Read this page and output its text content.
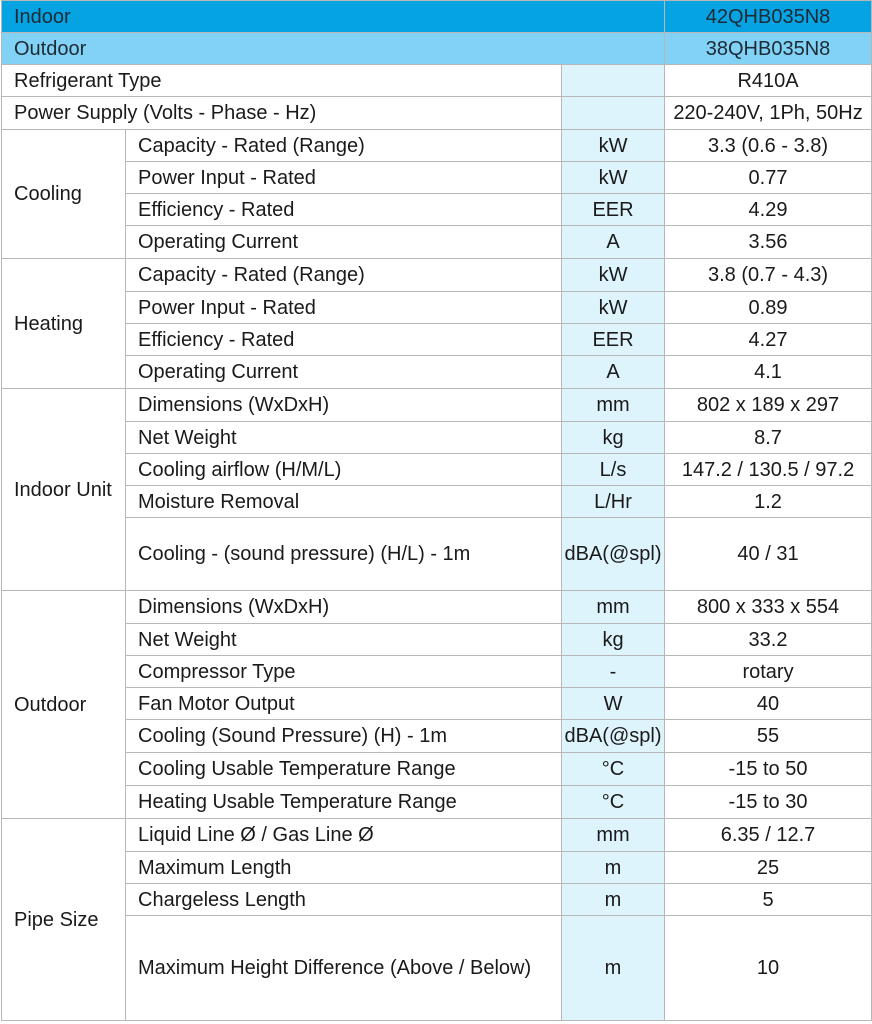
Indoor			42QHB035N8
Outdoor			38QHB035N8
Refrigerant Type			R410A
Power Supply (Volts - Phase - Hz)			220-240V, 1Ph, 50Hz
Cooling	Capacity - Rated (Range)	kW	3.3 (0.6 - 3.8)
	Power Input - Rated	kW	0.77
	Efficiency - Rated	EER	4.29
	Operating Current	A	3.56
Heating	Capacity - Rated (Range)	kW	3.8 (0.7 - 4.3)
	Power Input - Rated	kW	0.89
	Efficiency - Rated	EER	4.27
	Operating Current	A	4.1
Indoor Unit	Dimensions (WxDxH)	mm	802 x 189 x 297
	Net Weight	kg	8.7
	Cooling airflow (H/M/L)	L/s	147.2 / 130.5 / 97.2
	Moisture Removal	L/Hr	1.2
	Cooling - (sound pressure) (H/L) - 1m	dBA(@spl)	40 / 31
Outdoor	Dimensions (WxDxH)	mm	800 x 333 x 554
	Net Weight	kg	33.2
	Compressor Type	-	rotary
	Fan Motor Output	W	40
	Cooling (Sound Pressure) (H) - 1m	dBA(@spl)	55
	Cooling Usable Temperature Range	°C	-15 to 50
	Heating Usable Temperature Range	°C	-15 to 30
Pipe Size	Liquid Line Ø / Gas Line Ø	mm	6.35 / 12.7
	Maximum Length	m	25
	Chargeless Length	m	5
	Maximum Height Difference (Above / Below)	m	10
